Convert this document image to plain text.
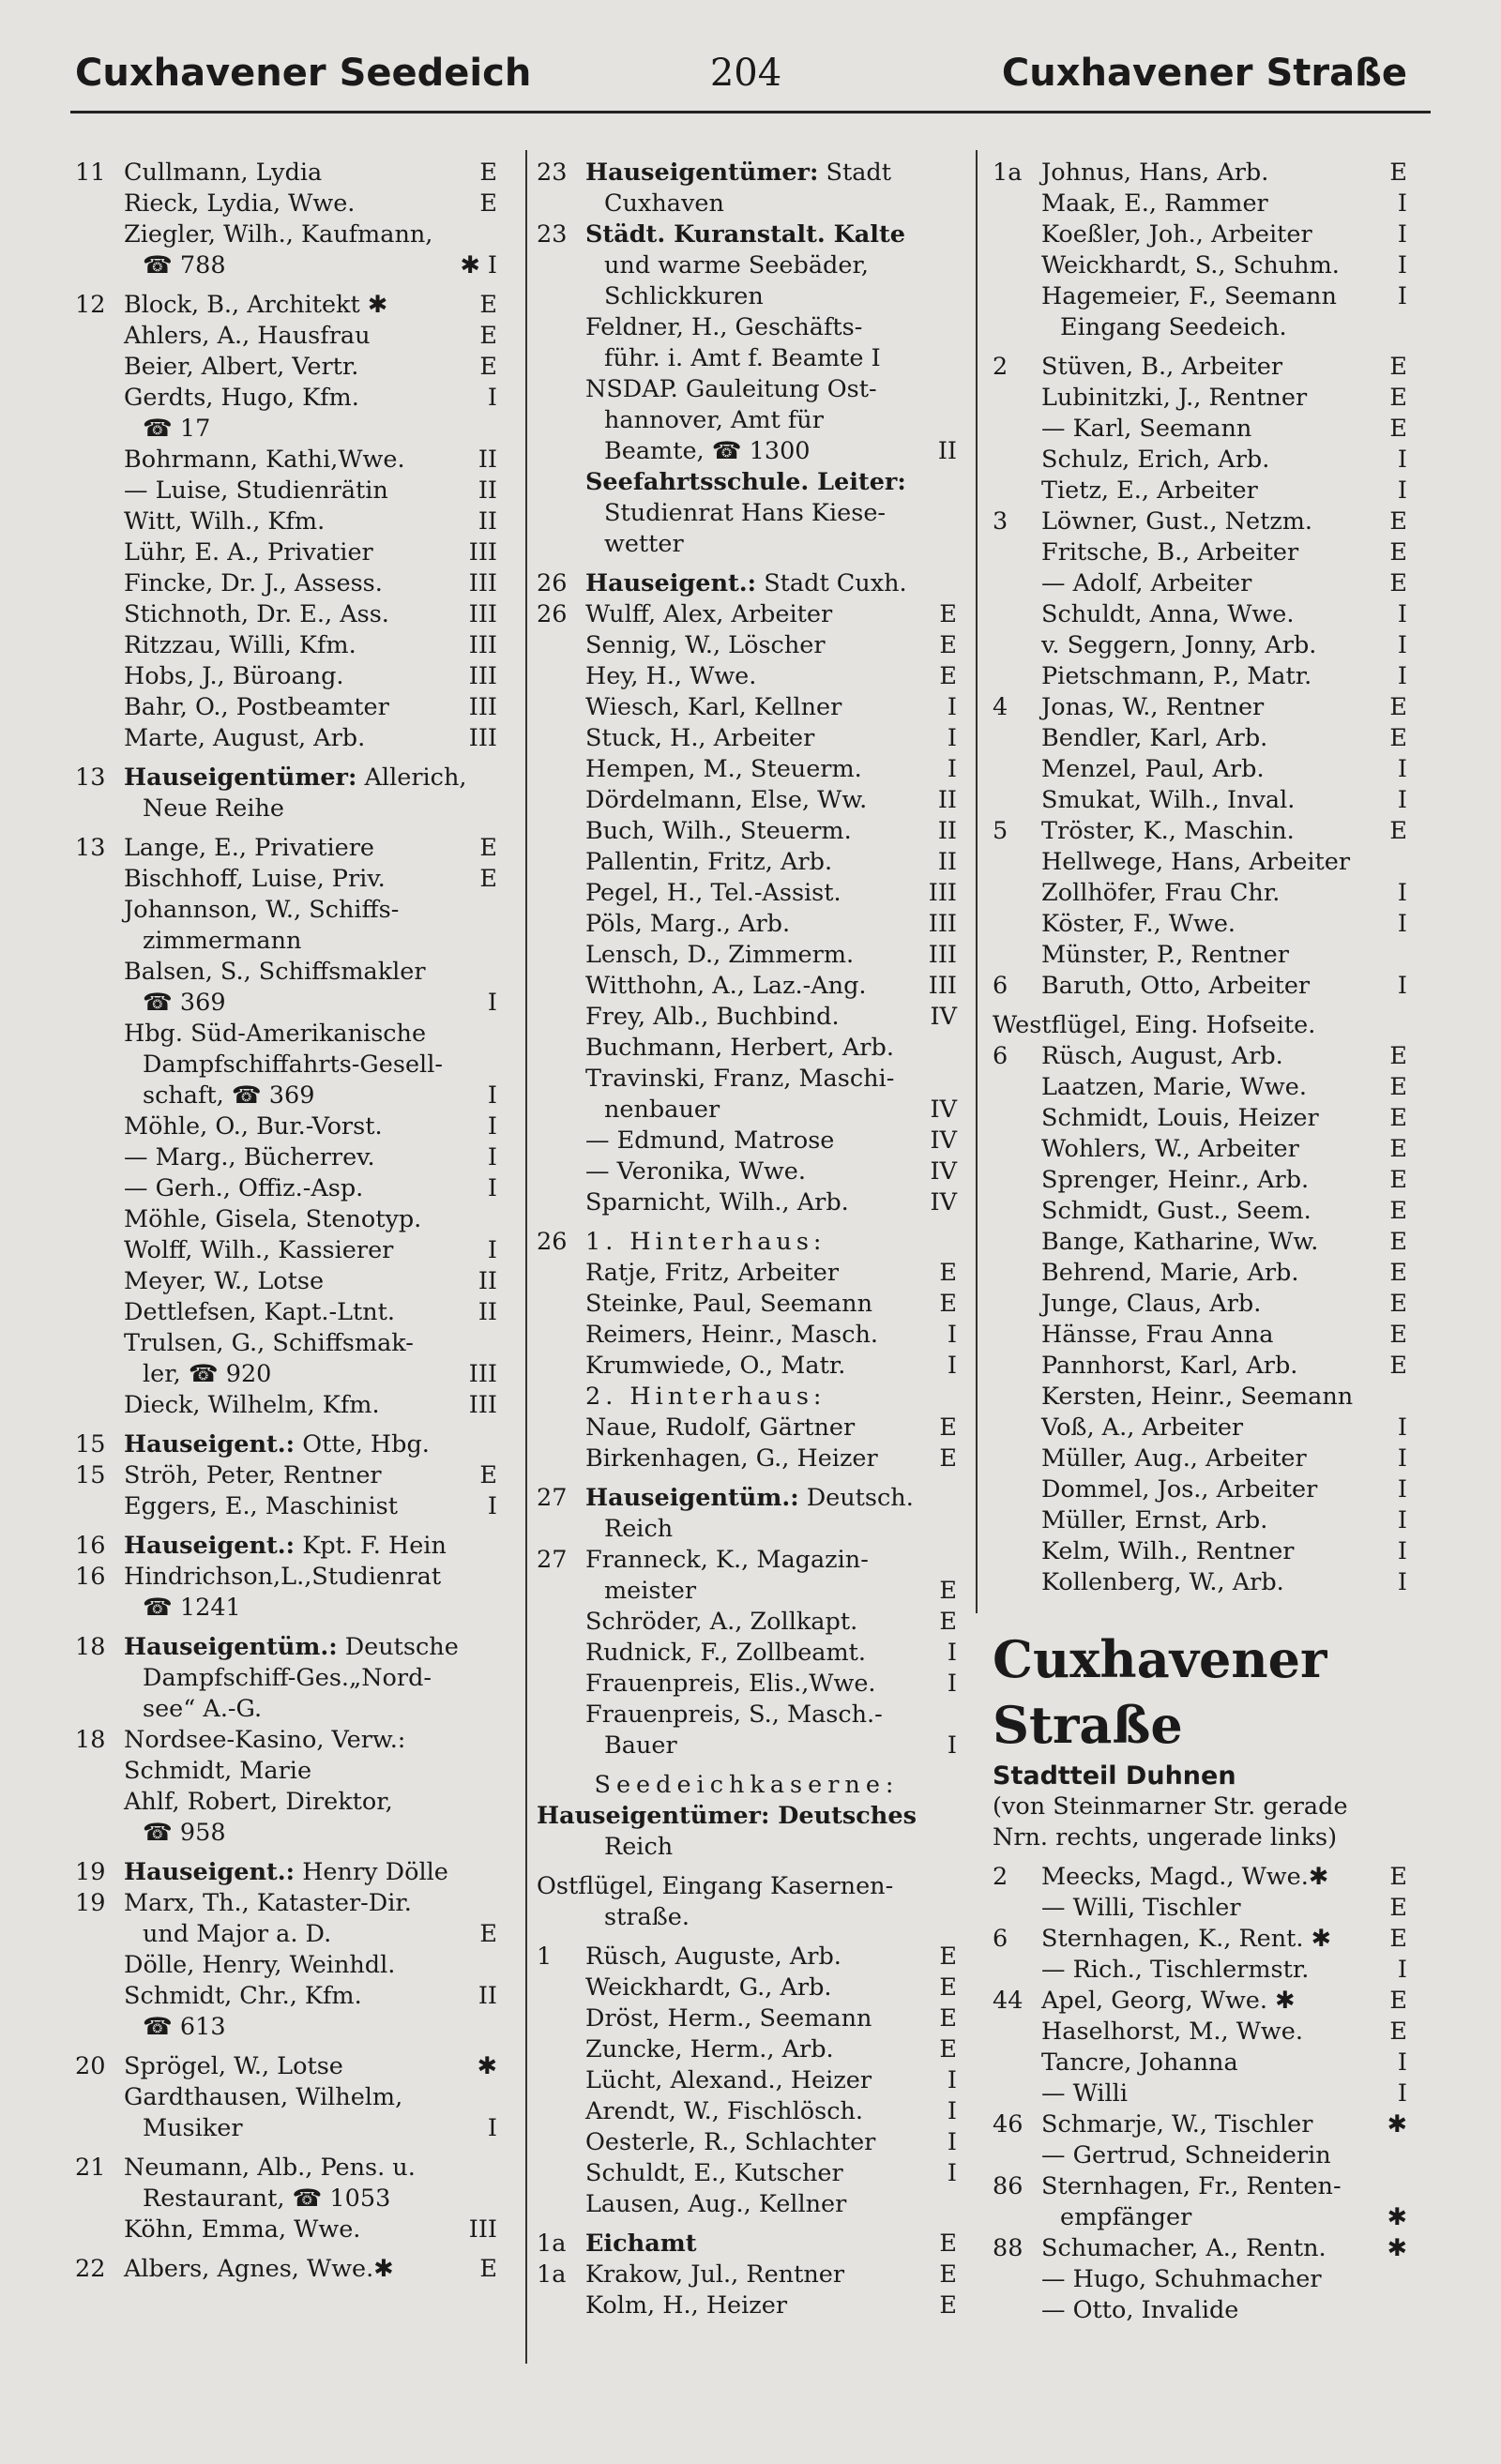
Cuxhavener Seedeich	204	Cuxhavener Straße
11 Cullmann, Lydia	E
Rieck, Lydia, Wwe.	E
Ziegler, Wilh., Kaufmann,
☎ 788	✱ I
12 Block, B., Architekt ✱	E
Ahlers, A., Hausfrau	E
Beier, Albert, Vertr.	E
Gerdts, Hugo, Kfm.	I
☎ 17
Bohrmann, Kathi,Wwe.	II
— Luise, Studienrätin	II
Witt, Wilh., Kfm.	II
Lühr, E. A., Privatier	III
Fincke, Dr. J., Assess.	III
Stichnoth, Dr. E., Ass.	III
Ritzzau, Willi, Kfm.	III
Hobs, J., Büroang.	III
Bahr, O., Postbeamter	III
Marte, August, Arb.	III
13 Hauseigentümer: Allerich,
Neue Reihe
13 Lange, E., Privatiere	E
Bischhoff, Luise, Priv.	E
Johannson, W., Schiffs-
zimmermann
Balsen, S., Schiffsmakler
☎ 369	I
Hbg. Süd-Amerikanische
Dampfschiffahrts-Gesell-
schaft, ☎ 369	I
Möhle, O., Bur.-Vorst.	I
— Marg., Bücherrev.	I
— Gerh., Offiz.-Asp.	I
Möhle, Gisela, Stenotyp.
Wolff, Wilh., Kassierer	I
Meyer, W., Lotse	II
Dettlefsen, Kapt.-Ltnt.	II
Trulsen, G., Schiffsmak-
ler, ☎ 920	III
Dieck, Wilhelm, Kfm.	III
15 Hauseigent.: Otte, Hbg.
15 Ströh, Peter, Rentner	E
Eggers, E., Maschinist	I
16 Hauseigent.: Kpt. F. Hein
16 Hindrichson,L.,Studienrat
☎ 1241
18 Hauseigentüm.: Deutsche
Dampfschiff-Ges.„Nord-
see“ A.-G.
18 Nordsee-Kasino, Verw.:
Schmidt, Marie
Ahlf, Robert, Direktor,
☎ 958
19 Hauseigent.: Henry Dölle
19 Marx, Th., Kataster-Dir.
und Major a. D.	E
Dölle, Henry, Weinhdl.
Schmidt, Chr., Kfm.	II
☎ 613
20 Sprögel, W., Lotse	✱
Gardthausen, Wilhelm,
Musiker	I
21 Neumann, Alb., Pens. u.
Restaurant, ☎ 1053
Köhn, Emma, Wwe.	III
22 Albers, Agnes, Wwe.✱	E
23 Hauseigentümer: Stadt
Cuxhaven
23 Städt. Kuranstalt. Kalte
und warme Seebäder,
Schlickkuren
Feldner, H., Geschäfts-
führ. i. Amt f. Beamte I
NSDAP. Gauleitung Ost-
hannover, Amt für
Beamte, ☎ 1300	II
Seefahrtsschule. Leiter:
Studienrat Hans Kiese-
wetter
26 Hauseigent.: Stadt Cuxh.
26 Wulff, Alex, Arbeiter	E
Sennig, W., Löscher	E
Hey, H., Wwe.	E
Wiesch, Karl, Kellner	I
Stuck, H., Arbeiter	I
Hempen, M., Steuerm.	I
Dördelmann, Else, Ww.	II
Buch, Wilh., Steuerm.	II
Pallentin, Fritz, Arb.	II
Pegel, H., Tel.-Assist.	III
Pöls, Marg., Arb.	III
Lensch, D., Zimmerm.	III
Witthohn, A., Laz.-Ang.	III
Frey, Alb., Buchbind.	IV
Buchmann, Herbert, Arb.
Travinski, Franz, Maschi-
nenbauer	IV
— Edmund, Matrose	IV
— Veronika, Wwe.	IV
Sparnicht, Wilh., Arb.	IV
26 1. Hinterhaus:
Ratje, Fritz, Arbeiter	E
Steinke, Paul, Seemann	E
Reimers, Heinr., Masch.	I
Krumwiede, O., Matr.	I
2. Hinterhaus:
Naue, Rudolf, Gärtner	E
Birkenhagen, G., Heizer	E
27 Hauseigentüm.: Deutsch.
Reich
27 Franneck, K., Magazin-
meister	E
Schröder, A., Zollkapt.	E
Rudnick, F., Zollbeamt.	I
Frauenpreis, Elis.,Wwe.	I
Frauenpreis, S., Masch.-
Bauer	I
Seedeichkaserne:
Hauseigentümer: Deutsches
Reich
Ostflügel, Eingang Kasernen-
straße.
1	Rüsch, Auguste, Arb.	E
Weickhardt, G., Arb.	E
Dröst, Herm., Seemann	E
Zuncke, Herm., Arb.	E
Lücht, Alexand., Heizer	I
Arendt, W., Fischlösch.	I
Oesterle, R., Schlachter	I
Schuldt, E., Kutscher	I
Lausen, Aug., Kellner
1a Eichamt	E
1a Krakow, Jul., Rentner	E
Kolm, H., Heizer	E
1a Johnus, Hans, Arb.	E
Maak, E., Rammer	I
Koeßler, Joh., Arbeiter	I
Weickhardt, S., Schuhm. I
Hagemeier, F., Seemann	I
Eingang Seedeich.
2	Stüven, B., Arbeiter	E
Lubinitzki, J., Rentner	E
— Karl, Seemann	E
Schulz, Erich, Arb.	I
Tietz, E., Arbeiter	I
3	Löwner, Gust., Netzm.	E
Fritsche, B., Arbeiter	E
— Adolf, Arbeiter	E
Schuldt, Anna, Wwe.	I
v. Seggern, Jonny, Arb.	I
Pietschmann, P., Matr.	I
4	Jonas, W., Rentner	E
Bendler, Karl, Arb.	E
Menzel, Paul, Arb.	I
Smukat, Wilh., Inval.	I
5	Tröster, K., Maschin.	E
Hellwege, Hans, Arbeiter
Zollhöfer, Frau Chr.	I
Köster, F., Wwe.	I
Münster, P., Rentner
6	Baruth, Otto, Arbeiter	I
Westflügel, Eing. Hofseite.
6	Rüsch, August, Arb.	E
Laatzen, Marie, Wwe.	E
Schmidt, Louis, Heizer	E
Wohlers, W., Arbeiter	E
Sprenger, Heinr., Arb.	E
Schmidt, Gust., Seem.	E
Bange, Katharine, Ww.	E
Behrend, Marie, Arb.	E
Junge, Claus, Arb.	E
Hänsse, Frau Anna	E
Pannhorst, Karl, Arb.	E
Kersten, Heinr., Seemann
Voß, A., Arbeiter	I
Müller, Aug., Arbeiter	I
Dommel, Jos., Arbeiter	I
Müller, Ernst, Arb.	I
Kelm, Wilh., Rentner	I
Kollenberg, W., Arb.	I
Cuxhavener
Straße
Stadtteil Duhnen
(von Steinmarner Str. gerade
Nrn. rechts, ungerade links)
2	Meecks, Magd., Wwe.✱	E
— Willi, Tischler	E
6	Sternhagen, K., Rent. ✱ E
— Rich., Tischlermstr.	I
44 Apel, Georg, Wwe. ✱	E
Haselhorst, M., Wwe.	E
Tancre, Johanna	I
— Willi	I
46 Schmarje, W., Tischler	✱
— Gertrud, Schneiderin
86 Sternhagen, Fr., Renten-
empfänger	✱
88 Schumacher, A., Rentn.	✱
— Hugo, Schuhmacher
— Otto, Invalide
